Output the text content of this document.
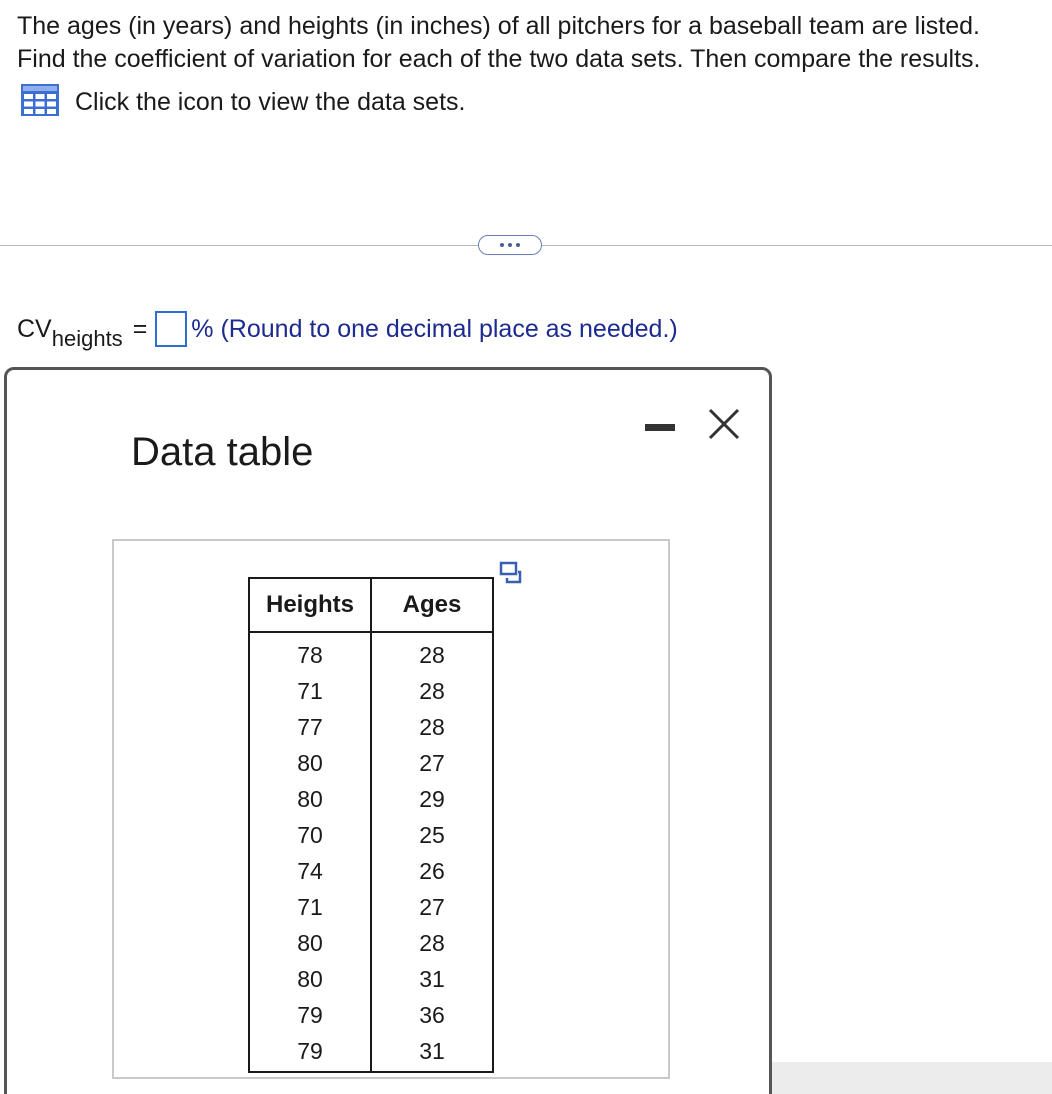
The ages (in years) and heights (in inches) of all pitchers for a baseball team are listed.

Find the coefficient of variation for each of the two data sets. Then compare the results.

Click the icon to view the data sets.
CV heights = % (Round to one decimal place as needed.)
Data table
Heights	Ages
78	28
71	28
77	28
80	27
80	29
70	25
74	26
71	27
80	28
80	31
79	36
79	31
